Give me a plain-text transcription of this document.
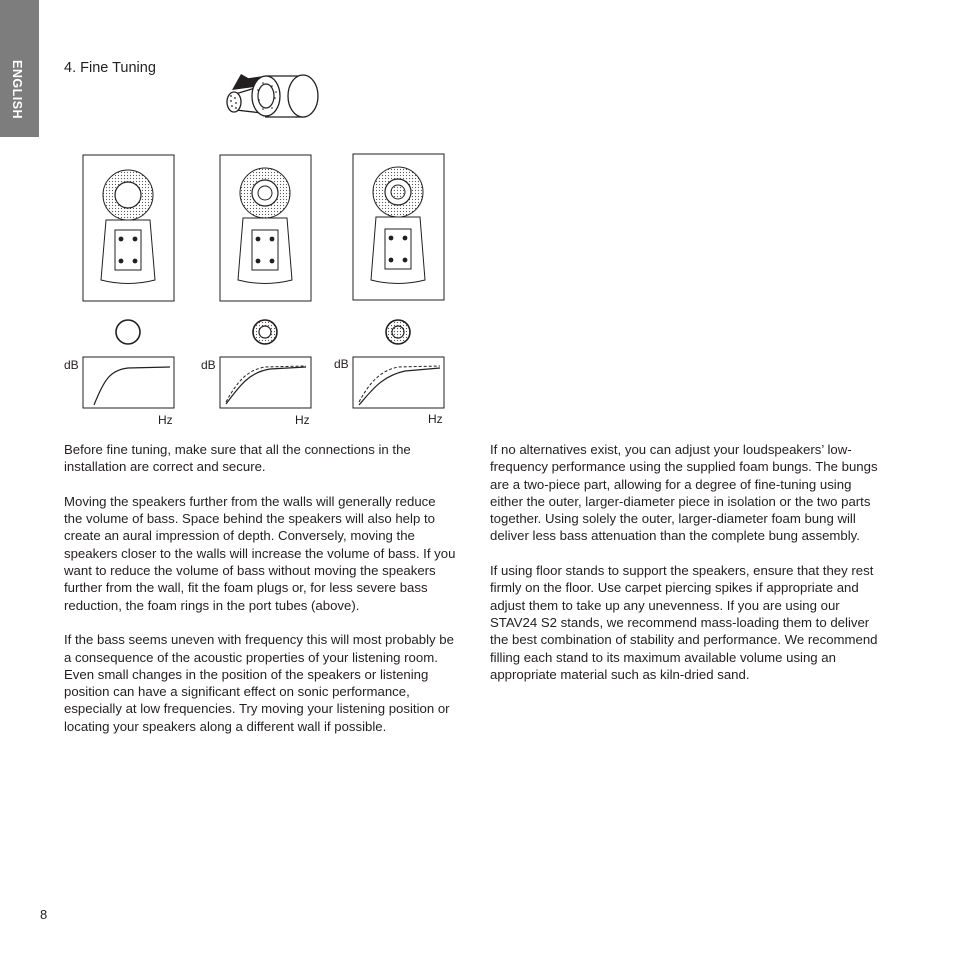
ENGLISH	4. Fine Tuning
dB
Hz
dB
Hz
dB
Hz

Before fine tuning, make sure that all the connections in the installation are correct and secure.

Moving the speakers further from the walls will generally reduce the volume of bass. Space behind the speakers will also help to create an aural impression of depth. Conversely, moving the speakers closer to the walls will increase the volume of bass. If you want to reduce the volume of bass without moving the speakers further from the wall, fit the foam plugs or, for less severe bass reduction, the foam rings in the port tubes (above).

If the bass seems uneven with frequency this will most probably be a consequence of the acoustic properties of your listening room. Even small changes in the position of the speakers or listening position can have a significant effect on sonic performance, especially at low frequencies. Try moving your listening position or locating your speakers along a different wall if possible.

If no alternatives exist, you can adjust your loudspeakers’ low-frequency performance using the supplied foam bungs. The bungs are a two-piece part, allowing for a degree of fine-tuning using either the outer, larger-diameter piece in isolation or the two parts together. Using solely the outer, larger-diameter foam bung will deliver less bass attenuation than the complete bung assembly.

If using floor stands to support the speakers, ensure that they rest firmly on the floor. Use carpet piercing spikes if appropriate and adjust them to take up any unevenness. If you are using our STAV24 S2 stands, we recommend mass-loading them to deliver the best combination of stability and performance. We recommend filling each stand to its maximum available volume using an appropriate material such as kiln-dried sand.

8
